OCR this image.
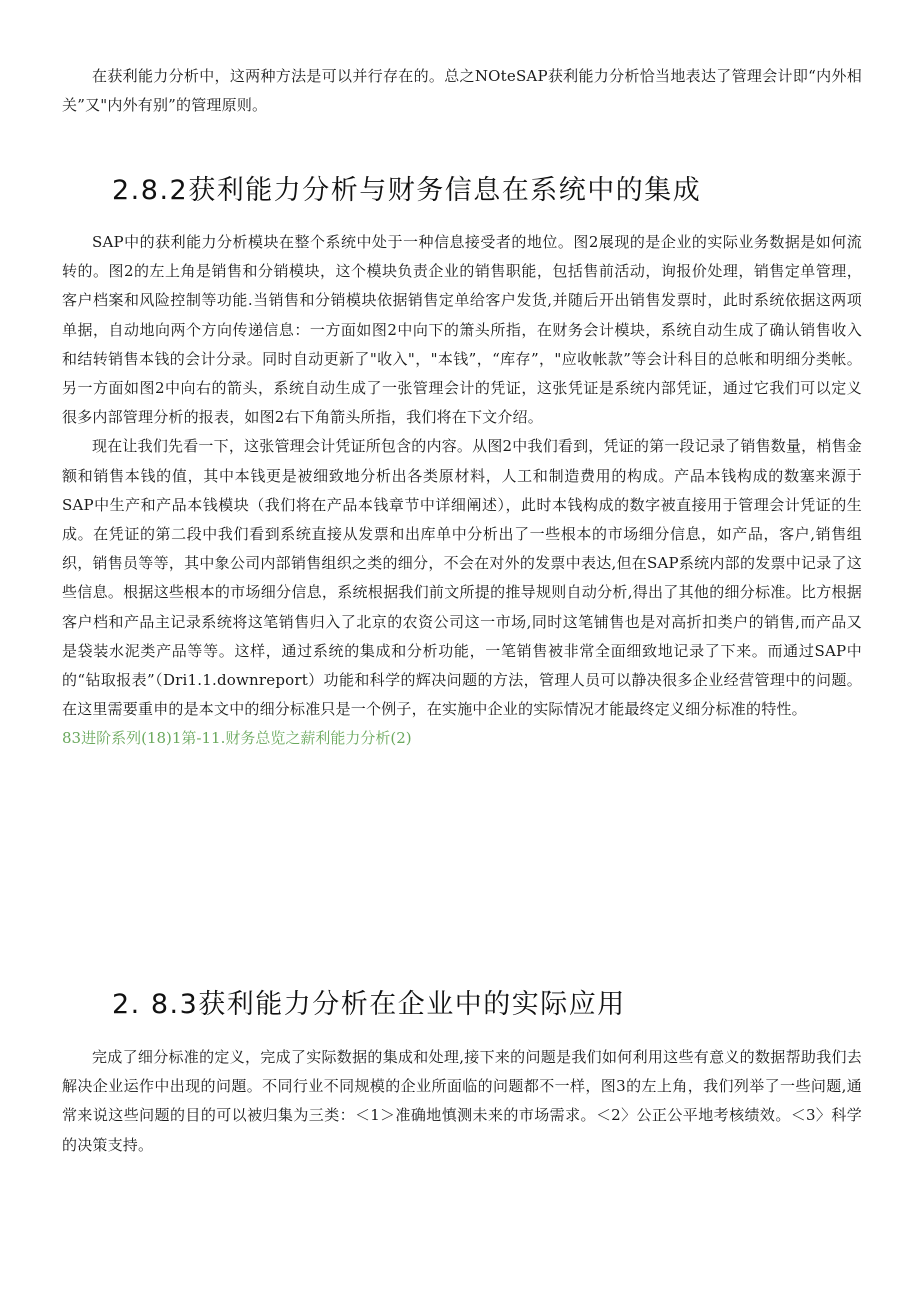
在获利能力分析中，这两种方法是可以并行存在的。总之NOteSAP获利能力分析恰当地表达了管理会计即“内外相关”又"内外有别”的管理原则。

2.8.2获利能力分析与财务信息在系统中的集成

SAP中的获利能力分析模块在整个系统中处于一种信息接受者的地位。图2展现的是企业的实际业务数据是如何流转的。图2的左上角是销售和分销模块，这个模块负责企业的销售职能，包括售前活动，询报价处理，销售定单管理，客户档案和风险控制等功能.当销售和分销模块依据销售定单给客户发货,并随后开出销售发票时，此时系统依据这两项单据，自动地向两个方向传递信息：一方面如图2中向下的箫头所指，在财务会计模块，系统自动生成了确认销售收入和结转销售本钱的会计分录。同时自动更新了"收入"，"本钱”，“库存”，"应收帐款”等会计科目的总帐和明细分类帐。另一方面如图2中向右的箭头，系统自动生成了一张管理会计的凭证，这张凭证是系统内部凭证，通过它我们可以定义很多内部管理分析的报表，如图2右下角箭头所指，我们将在下文介绍。

现在让我们先看一下，这张管理会计凭证所包含的内容。从图2中我们看到，凭证的第一段记录了销售数量，梢售金额和销售本钱的值，其中本钱更是被细致地分析出各类原材料，人工和制造费用的构成。产品本钱构成的数塞来源于SAP中生产和产品本钱模块（我们将在产品本钱章节中详细阐述），此时本钱构成的数字被直接用于管理会计凭证的生成。在凭证的第二段中我们看到系统直接从发票和出库单中分析出了一些根本的市场细分信息，如产品，客户,销售组织，销售员等等，其中象公司内部销售组织之类的细分，不会在对外的发票中表达,但在SAP系统内部的发票中记录了这些信息。根据这些根本的市场细分信息，系统根据我们前文所提的推导规则自动分析,得出了其他的细分标准。比方根据客户档和产品主记录系统将这笔销售归入了北京的农资公司这一市场,同时这笔铺售也是对高折扣类户的销售,而产品又是袋装水泥类产品等等。这样，通过系统的集成和分析功能，一笔销售被非常全面细致地记录了下来。而通过SAP中的“钻取报表”（Dri1.1.downreport）功能和科学的辉决问题的方法，管理人员可以静决很多企业经营管理中的问题。在这里需要重申的是本文中的细分标准只是一个例子，在实施中企业的实际情况才能最终定义细分标准的特性。

83进阶系列(18)1第-11.财务总览之薪利能力分析(2)

2. 8.3获利能力分析在企业中的实际应用

完成了细分标准的定义，完成了实际数据的集成和处理,接下来的问题是我们如何利用这些有意义的数据帮助我们去解决企业运作中出现的问題。不同行业不同规模的企业所面临的问题都不一样，图3的左上角，我们列举了一些问题,通常来说这些问题的目的可以被归集为三类：＜1＞准确地慎测未来的市场需求。＜2〉公正公平地考核绩效。＜3〉科学的决策支持。
